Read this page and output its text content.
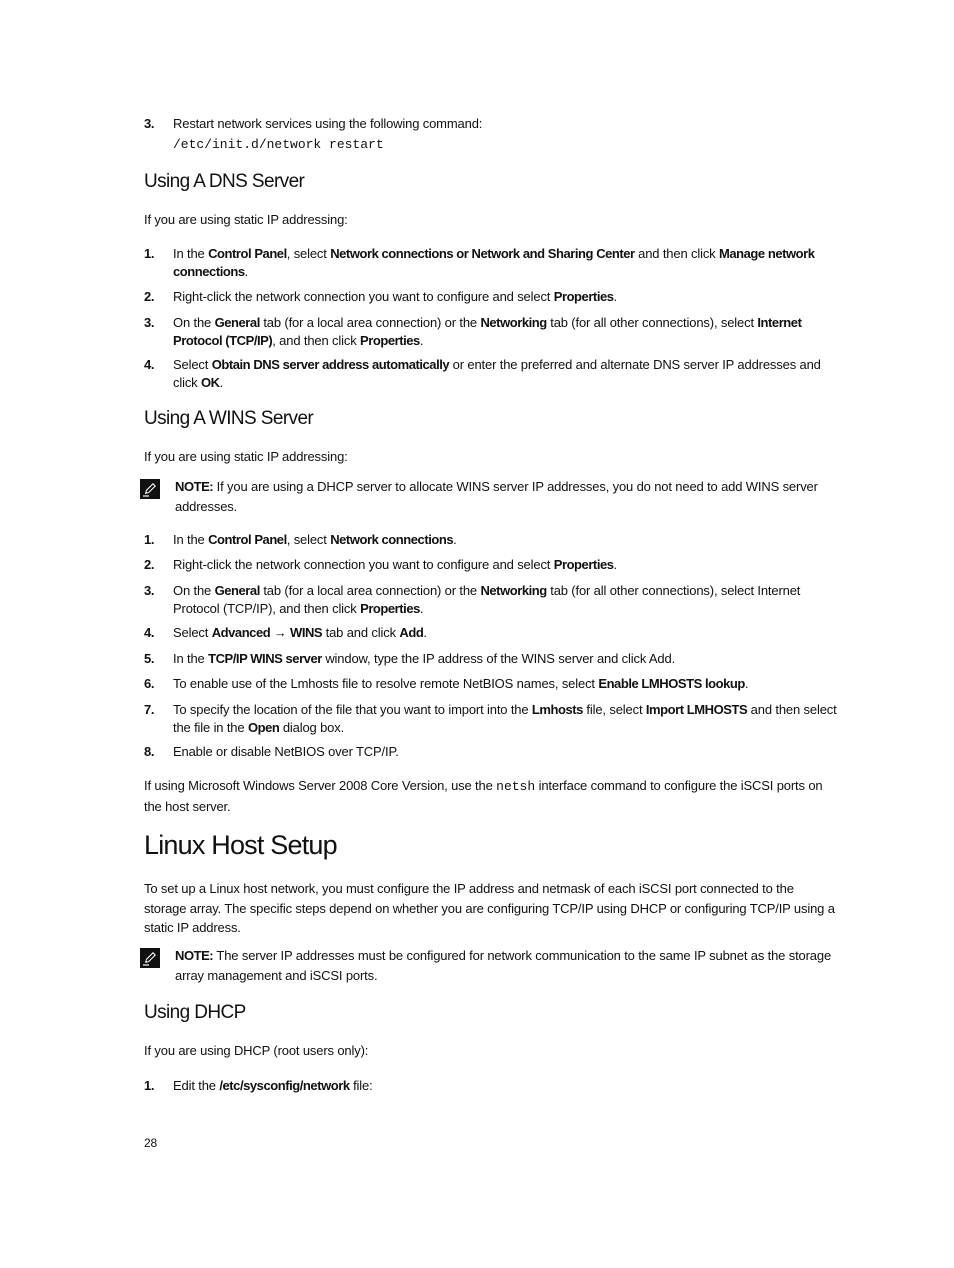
3. Restart network services using the following command:
/etc/init.d/network restart
Using A DNS Server
If you are using static IP addressing:
1. In the Control Panel, select Network connections or Network and Sharing Center and then click Manage network connections.
2. Right-click the network connection you want to configure and select Properties.
3. On the General tab (for a local area connection) or the Networking tab (for all other connections), select Internet Protocol (TCP/IP), and then click Properties.
4. Select Obtain DNS server address automatically or enter the preferred and alternate DNS server IP addresses and click OK.
Using A WINS Server
If you are using static IP addressing:
NOTE: If you are using a DHCP server to allocate WINS server IP addresses, you do not need to add WINS server addresses.
1. In the Control Panel, select Network connections.
2. Right-click the network connection you want to configure and select Properties.
3. On the General tab (for a local area connection) or the Networking tab (for all other connections), select Internet Protocol (TCP/IP), and then click Properties.
4. Select Advanced → WINS tab and click Add.
5. In the TCP/IP WINS server window, type the IP address of the WINS server and click Add.
6. To enable use of the Lmhosts file to resolve remote NetBIOS names, select Enable LMHOSTS lookup.
7. To specify the location of the file that you want to import into the Lmhosts file, select Import LMHOSTS and then select the file in the Open dialog box.
8. Enable or disable NetBIOS over TCP/IP.
If using Microsoft Windows Server 2008 Core Version, use the netsh interface command to configure the iSCSI ports on the host server.
Linux Host Setup
To set up a Linux host network, you must configure the IP address and netmask of each iSCSI port connected to the storage array. The specific steps depend on whether you are configuring TCP/IP using DHCP or configuring TCP/IP using a static IP address.
NOTE: The server IP addresses must be configured for network communication to the same IP subnet as the storage array management and iSCSI ports.
Using DHCP
If you are using DHCP (root users only):
1. Edit the /etc/sysconfig/network file:
28
